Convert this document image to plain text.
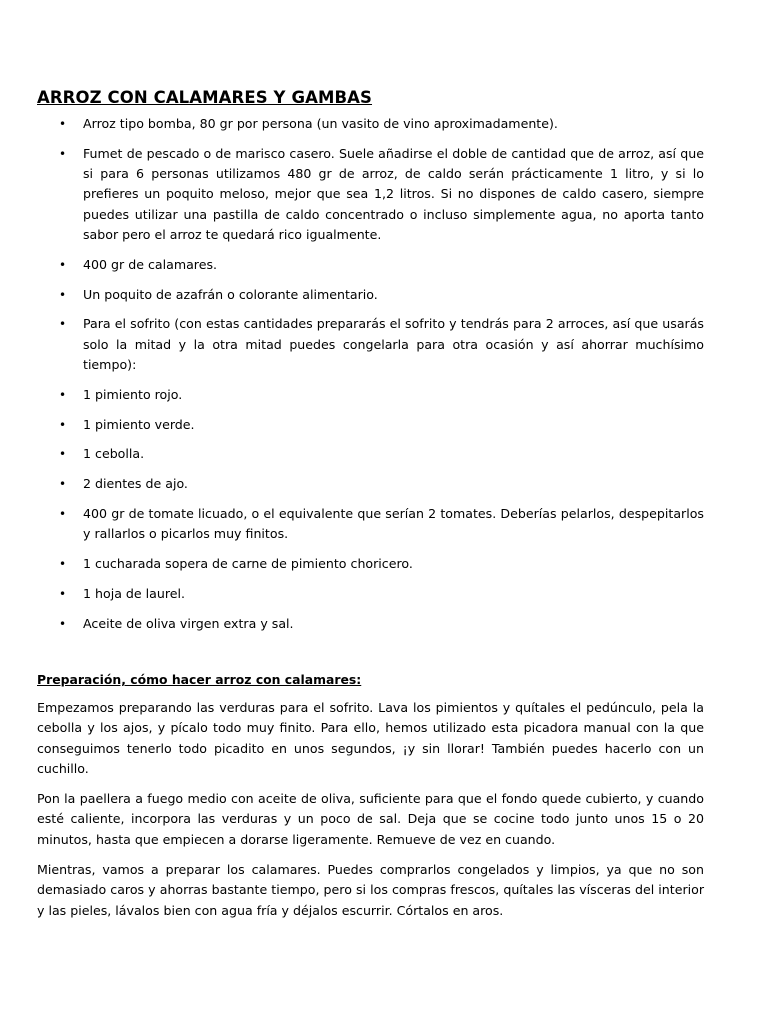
ARROZ CON CALAMARES Y GAMBAS
• Arroz tipo bomba, 80 gr por persona (un vasito de vino aproximadamente).
• Fumet de pescado o de marisco casero. Suele añadirse el doble de cantidad que de arroz, así que si para 6 personas utilizamos 480 gr de arroz, de caldo serán prácticamente 1 litro, y si lo prefieres un poquito meloso, mejor que sea 1,2 litros. Si no dispones de caldo casero, siempre puedes utilizar una pastilla de caldo concentrado o incluso simplemente agua, no aporta tanto sabor pero el arroz te quedará rico igualmente.
• 400 gr de calamares.
• Un poquito de azafrán o colorante alimentario.
• Para el sofrito (con estas cantidades prepararás el sofrito y tendrás para 2 arroces, así que usarás solo la mitad y la otra mitad puedes congelarla para otra ocasión y así ahorrar muchísimo tiempo):
• 1 pimiento rojo.
• 1 pimiento verde.
• 1 cebolla.
• 2 dientes de ajo.
• 400 gr de tomate licuado, o el equivalente que serían 2 tomates. Deberías pelarlos, despepitarlos y rallarlos o picarlos muy finitos.
• 1 cucharada sopera de carne de pimiento choricero.
• 1 hoja de laurel.
• Aceite de oliva virgen extra y sal.
Preparación, cómo hacer arroz con calamares:

Empezamos preparando las verduras para el sofrito. Lava los pimientos y quítales el pedúnculo, pela la cebolla y los ajos, y pícalo todo muy finito. Para ello, hemos utilizado esta picadora manual con la que conseguimos tenerlo todo picadito en unos segundos, ¡y sin llorar! También puedes hacerlo con un cuchillo.

Pon la paellera a fuego medio con aceite de oliva, suficiente para que el fondo quede cubierto, y cuando esté caliente, incorpora las verduras y un poco de sal. Deja que se cocine todo junto unos 15 o 20 minutos, hasta que empiecen a dorarse ligeramente. Remueve de vez en cuando.

Mientras, vamos a preparar los calamares. Puedes comprarlos congelados y limpios, ya que no son demasiado caros y ahorras bastante tiempo, pero si los compras frescos, quítales las vísceras del interior y las pieles, lávalos bien con agua fría y déjalos escurrir. Córtalos en aros.
